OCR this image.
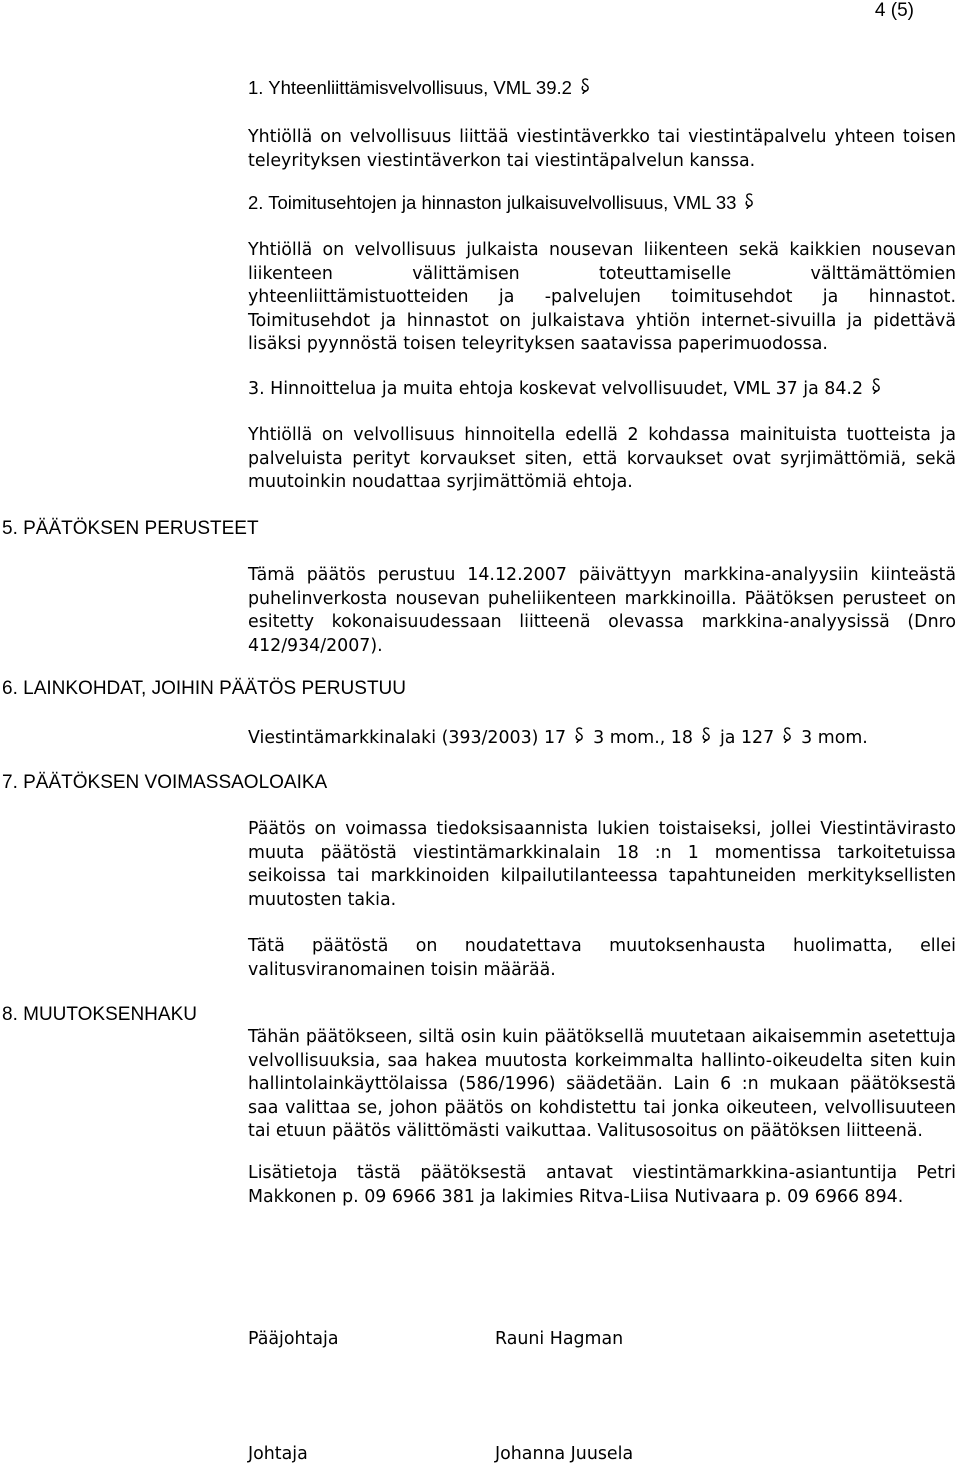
4 (5)
5. PÄÄTÖKSEN PERUSTEET
6. LAINKOHDAT, JOIHIN PÄÄTÖS PERUSTUU
7. PÄÄTÖKSEN VOIMASSAOLOAIKA
8. MUUTOKSENHAKU
1. Yhteenliittämisvelvollisuus, VML 39.2
Yhtiöllä on velvollisuus liittää viestintäverkko tai viestintäpalvelu yhteen toisen teleyrityksen viestintäverkon tai viestintäpalvelun kanssa.
2. Toimitusehtojen ja hinnaston julkaisuvelvollisuus, VML 33
Yhtiöllä on velvollisuus julkaista nousevan liikenteen sekä kaikkien nousevan liikenteen välittämisen toteuttamiselle välttämättömien yhteenliittämistuotteiden ja -palvelujen toimitusehdot ja hinnastot. Toimitusehdot ja hinnastot on julkaistava yhtiön internet-sivuilla ja pidettävä lisäksi pyynnöstä toisen teleyrityksen saatavissa paperimuodossa.
3. Hinnoittelua ja muita ehtoja koskevat velvollisuudet, VML 37 ja 84.2
Yhtiöllä on velvollisuus hinnoitella edellä 2 kohdassa mainituista tuotteista ja palveluista perityt korvaukset siten, että korvaukset ovat syrjimättömiä, sekä muutoinkin noudattaa syrjimättömiä ehtoja.
Tämä päätös perustuu 14.12.2007 päivättyyn markkina-analyysiin kiinteästä puhelinverkosta nousevan puheliikenteen markkinoilla. Päätöksen perusteet on esitetty kokonaisuudessaan liitteenä olevassa markkina-analyysissä (Dnro 412/934/2007).
Viestintämarkkinalaki (393/2003) 17 3 mom., 18 ja 127 3 mom.
Päätös on voimassa tiedoksisaannista lukien toistaiseksi, jollei Viestintävirasto muuta päätöstä viestintämarkkinalain 18 :n 1 momentissa tarkoitetuissa seikoissa tai markkinoiden kilpailutilanteessa tapahtuneiden merkityksellisten muutosten takia.
Tätä päätöstä on noudatettava muutoksenhausta huolimatta, ellei valitusviranomainen toisin määrää.
Tähän päätökseen, siltä osin kuin päätöksellä muutetaan aikaisemmin asetettuja velvollisuuksia, saa hakea muutosta korkeimmalta hallinto-oikeudelta siten kuin hallintolainkäyttölaissa (586/1996) säädetään. Lain 6 :n mukaan päätöksestä saa valittaa se, johon päätös on kohdistettu tai jonka oikeuteen, velvollisuuteen tai etuun päätös välittömästi vaikuttaa. Valitusosoitus on päätöksen liitteenä.
Lisätietoja tästä päätöksestä antavat viestintämarkkina-asiantuntija Petri Makkonen p. 09 6966 381 ja lakimies Ritva-Liisa Nutivaara p. 09 6966 894.
Pääjohtaja	Rauni Hagman
Johtaja	Johanna Juusela
